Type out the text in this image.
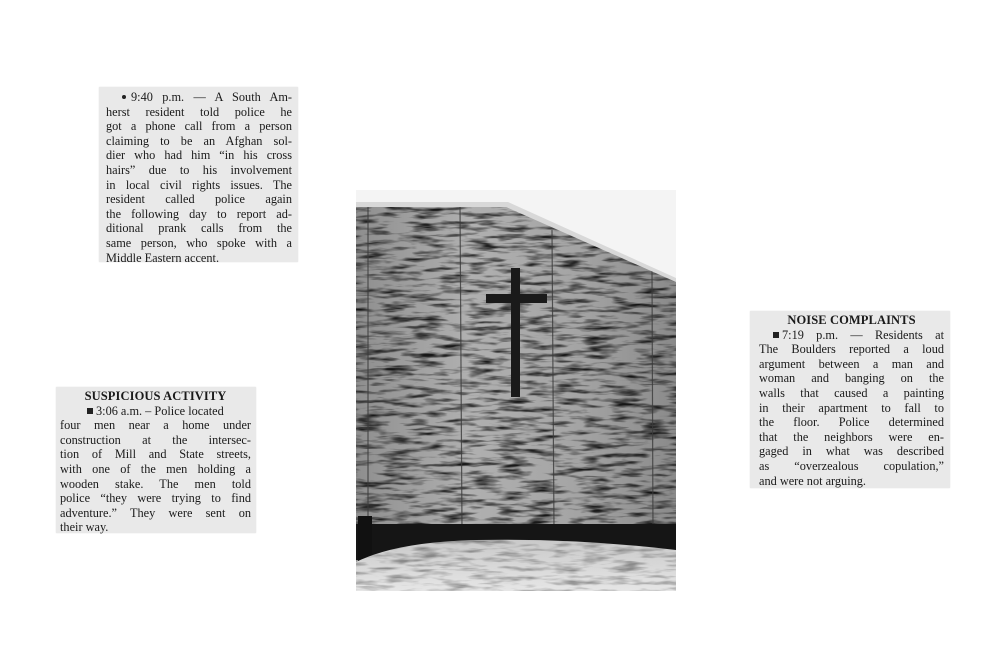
9:40 p.m. — A South Am-
herst resident told police he
got a phone call from a person
claiming to be an Afghan sol-
dier who had him “in his cross
hairs” due to his involvement
in local civil rights issues. The
resident called police again
the following day to report ad-
ditional prank calls from the
same person, who spoke with a
Middle Eastern accent.

SUSPICIOUS ACTIVITY

3:06 a.m. – Police located
four men near a home under
construction at the intersec-
tion of Mill and State streets,
with one of the men holding a
wooden stake. The men told
police “they were trying to find
adventure.” They were sent on
their way.

NOISE COMPLAINTS

7:19 p.m. — Residents at
The Boulders reported a loud
argument between a man and
woman and banging on the
walls that caused a painting
in their apartment to fall to
the floor. Police determined
that the neighbors were en-
gaged in what was described
as “overzealous copulation,”
and were not arguing.
